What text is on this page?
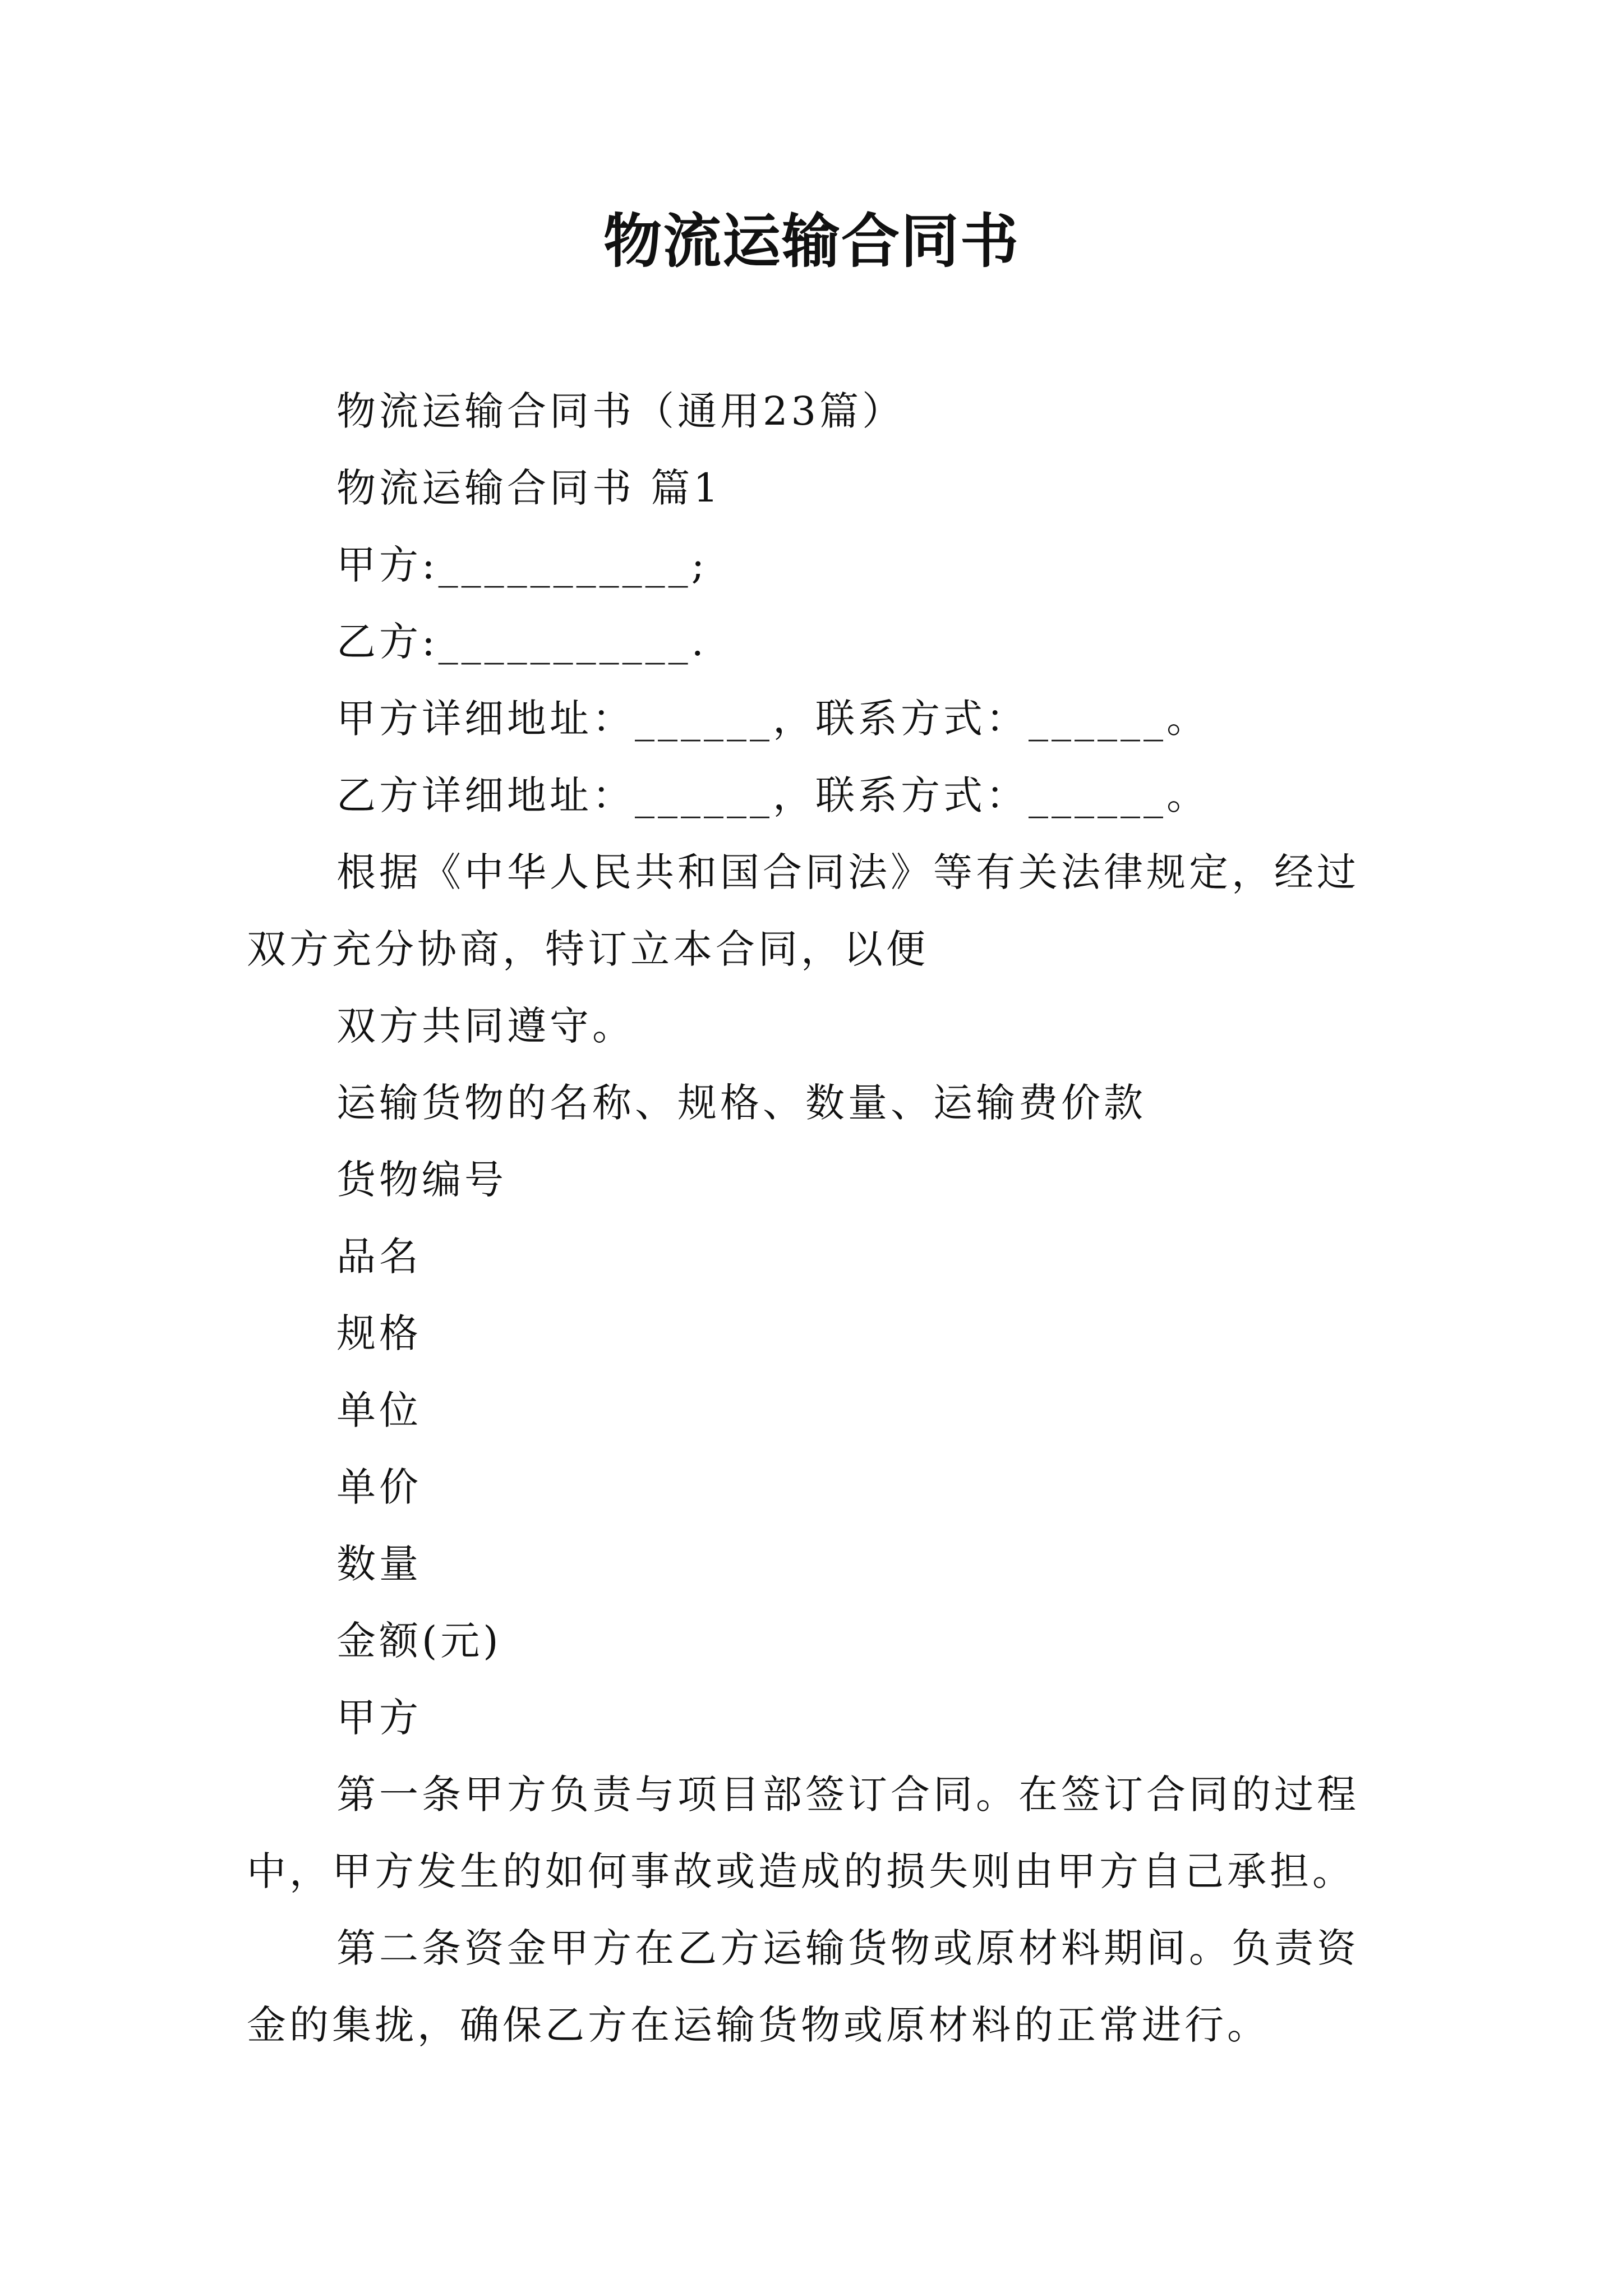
物流运输合同书
物流运输合同书（通用23篇）
物流运输合同书 篇1
甲方:___________;
乙方:___________.
甲方详细地址：______，联系方式：______。
乙方详细地址：______，联系方式：______。
根据《中华人民共和国合同法》等有关法律规定，经过
双方充分协商，特订立本合同，以便
双方共同遵守。
运输货物的名称、规格、数量、运输费价款
货物编号
品名
规格
单位
单价
数量
金额(元)
甲方
第一条甲方负责与项目部签订合同。在签订合同的过程
中，甲方发生的如何事故或造成的损失则由甲方自己承担。
第二条资金甲方在乙方运输货物或原材料期间。负责资
金的集拢，确保乙方在运输货物或原材料的正常进行。
